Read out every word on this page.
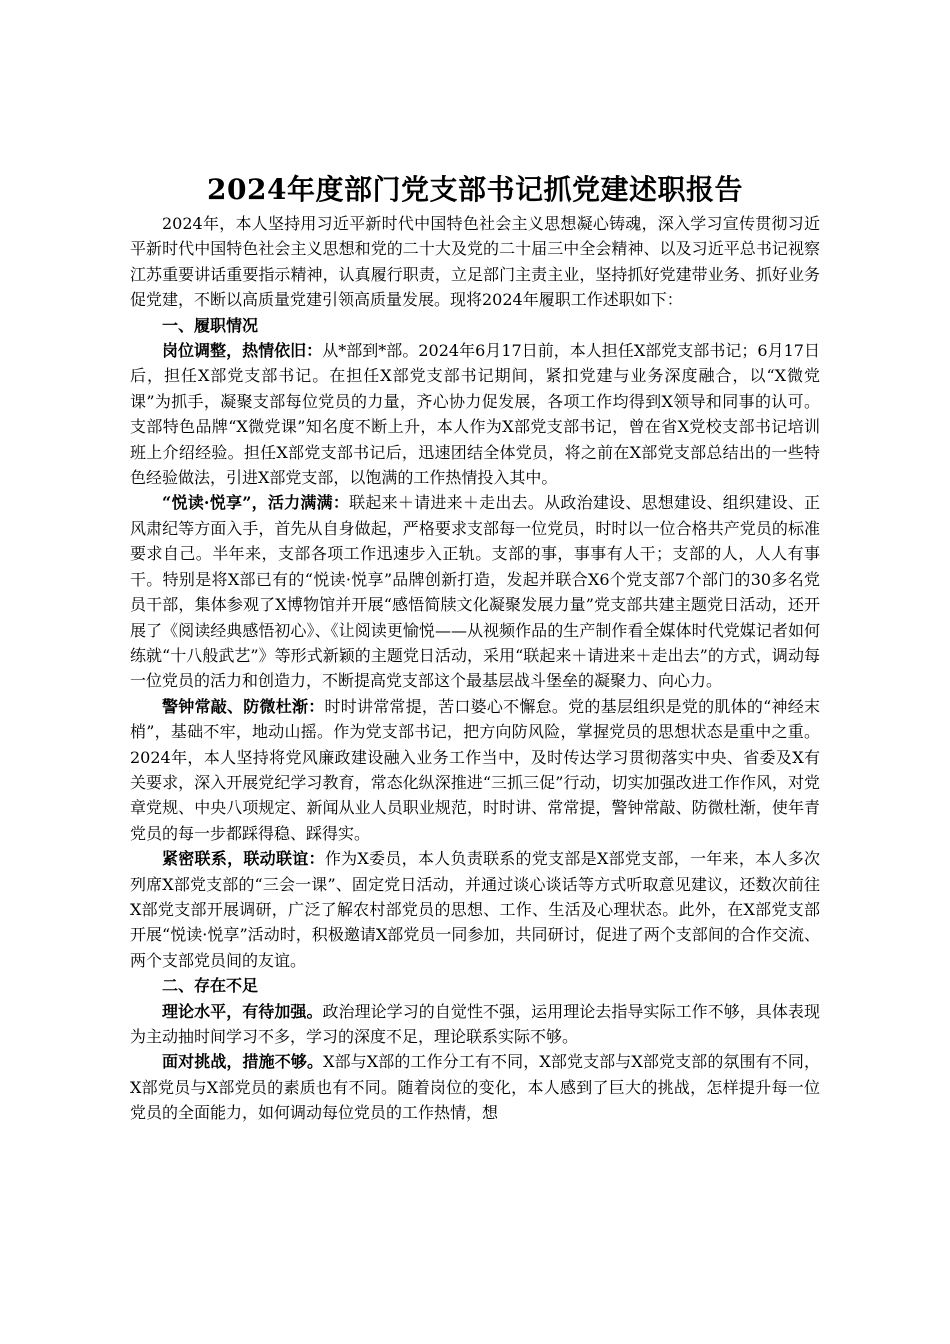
2024年度部门党支部书记抓党建述职报告

2024年，本人坚持用习近平新时代中国特色社会主义思想凝心铸魂，深入学习宣传贯彻习近平新时代中国特色社会主义思想和党的二十大及党的二十届三中全会精神、以及习近平总书记视察江苏重要讲话重要指示精神，认真履行职责，立足部门主责主业，坚持抓好党建带业务、抓好业务促党建，不断以高质量党建引领高质量发展。现将2024年履职工作述职如下：

一、履职情况

岗位调整，热情依旧：从*部到*部。2024年6月17日前，本人担任X部党支部书记；6月17日后，担任X部党支部书记。在担任X部党支部书记期间，紧扣党建与业务深度融合，以“X微党课”为抓手，凝聚支部每位党员的力量，齐心协力促发展，各项工作均得到X领导和同事的认可。支部特色品牌“X微党课”知名度不断上升，本人作为X部党支部书记，曾在省X党校支部书记培训班上介绍经验。担任X部党支部书记后，迅速团结全体党员，将之前在X部党支部总结出的一些特色经验做法，引进X部党支部，以饱满的工作热情投入其中。

“悦读·悦享”，活力满满：联起来＋请进来＋走出去。从政治建设、思想建设、组织建设、正风肃纪等方面入手，首先从自身做起，严格要求支部每一位党员，时时以一位合格共产党员的标准要求自己。半年来，支部各项工作迅速步入正轨。支部的事，事事有人干；支部的人，人人有事干。特别是将X部已有的“悦读·悦享”品牌创新打造，发起并联合X6个党支部7个部门的30多名党员干部，集体参观了X博物馆并开展“感悟简牍文化凝聚发展力量”党支部共建主题党日活动，还开展了《阅读经典感悟初心》、《让阅读更愉悦——从视频作品的生产制作看全媒体时代党媒记者如何练就“十八般武艺”》等形式新颖的主题党日活动，采用“联起来＋请进来＋走出去”的方式，调动每一位党员的活力和创造力，不断提高党支部这个最基层战斗堡垒的凝聚力、向心力。

警钟常敲、防微杜渐：时时讲常常提，苦口婆心不懈怠。党的基层组织是党的肌体的“神经末梢”，基础不牢，地动山摇。作为党支部书记，把方向防风险，掌握党员的思想状态是重中之重。2024年，本人坚持将党风廉政建设融入业务工作当中，及时传达学习贯彻落实中央、省委及X有关要求，深入开展党纪学习教育，常态化纵深推进“三抓三促”行动，切实加强改进工作作风，对党章党规、中央八项规定、新闻从业人员职业规范，时时讲、常常提，警钟常敲、防微杜渐，使年青党员的每一步都踩得稳、踩得实。

紧密联系，联动联谊：作为X委员，本人负责联系的党支部是X部党支部，一年来，本人多次列席X部党支部的“三会一课”、固定党日活动，并通过谈心谈话等方式听取意见建议，还数次前往X部党支部开展调研，广泛了解农村部党员的思想、工作、生活及心理状态。此外，在X部党支部开展“悦读·悦享”活动时，积极邀请X部党员一同参加，共同研讨，促进了两个支部间的合作交流、两个支部党员间的友谊。

二、存在不足

理论水平，有待加强。政治理论学习的自觉性不强，运用理论去指导实际工作不够，具体表现为主动抽时间学习不多，学习的深度不足，理论联系实际不够。

面对挑战，措施不够。X部与X部的工作分工有不同，X部党支部与X部党支部的氛围有不同，X部党员与X部党员的素质也有不同。随着岗位的变化，本人感到了巨大的挑战，怎样提升每一位党员的全面能力，如何调动每位党员的工作热情，想
